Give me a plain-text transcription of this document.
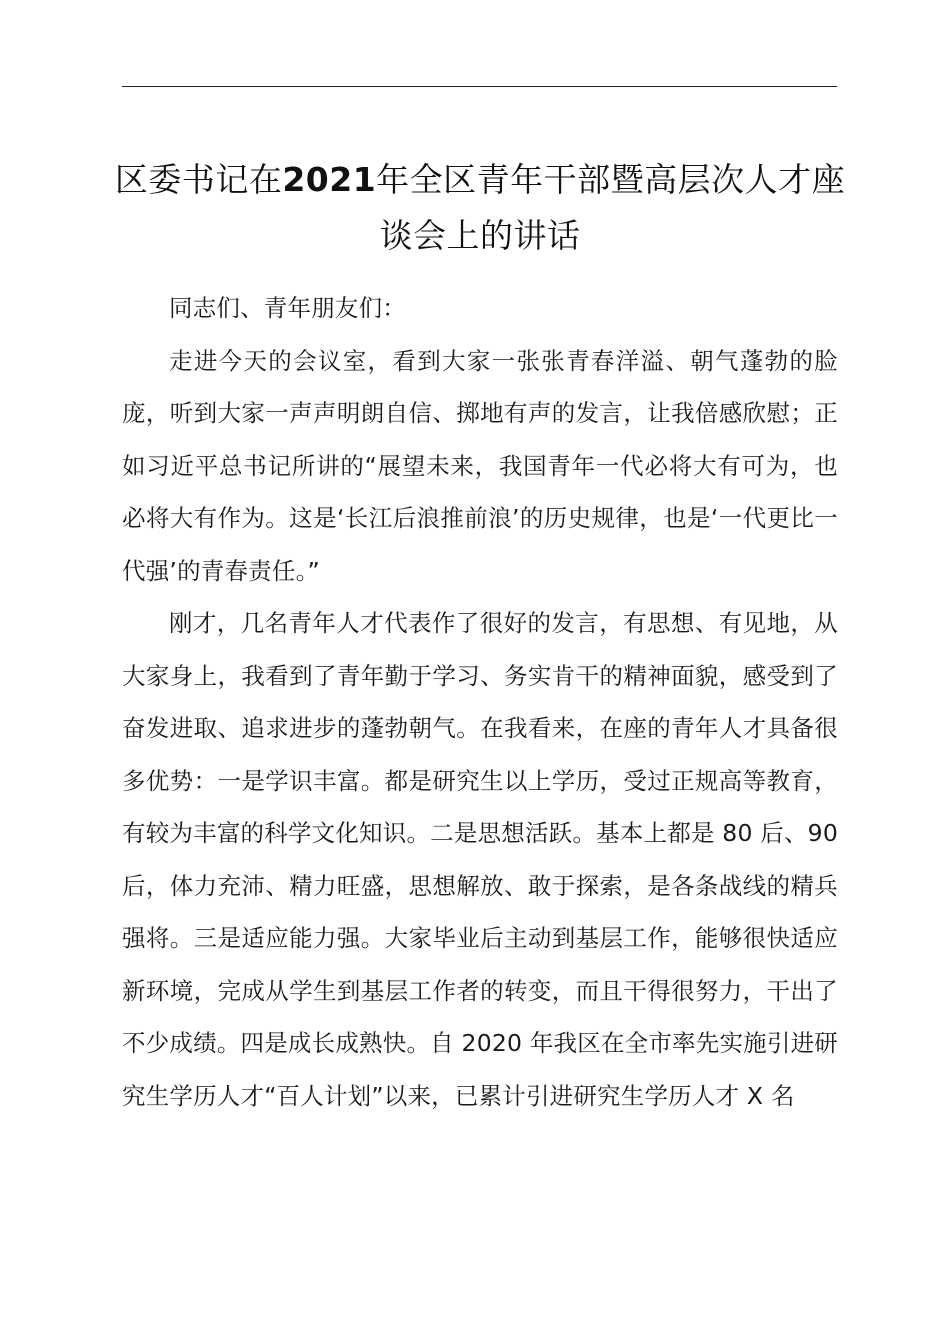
区委书记在2021年全区青年干部暨高层次人才座谈会上的讲话

同志们、青年朋友们：

走进今天的会议室，看到大家一张张青春洋溢、朝气蓬勃的脸庞，听到大家一声声明朗自信、掷地有声的发言，让我倍感欣慰；正如习近平总书记所讲的“展望未来，我国青年一代必将大有可为，也必将大有作为。这是‘长江后浪推前浪’的历史规律，也是‘一代更比一代强’的青春责任。”

刚才，几名青年人才代表作了很好的发言，有思想、有见地，从大家身上，我看到了青年勤于学习、务实肯干的精神面貌，感受到了奋发进取、追求进步的蓬勃朝气。在我看来，在座的青年人才具备很多优势：一是学识丰富。都是研究生以上学历，受过正规高等教育，有较为丰富的科学文化知识。二是思想活跃。基本上都是 80 后、90 后，体力充沛、精力旺盛，思想解放、敢于探索，是各条战线的精兵强将。三是适应能力强。大家毕业后主动到基层工作，能够很快适应新环境，完成从学生到基层工作者的转变，而且干得很努力，干出了不少成绩。四是成长成熟快。自 2020 年我区在全市率先实施引进研究生学历人才“百人计划”以来，已累计引进研究生学历人才 X 名
